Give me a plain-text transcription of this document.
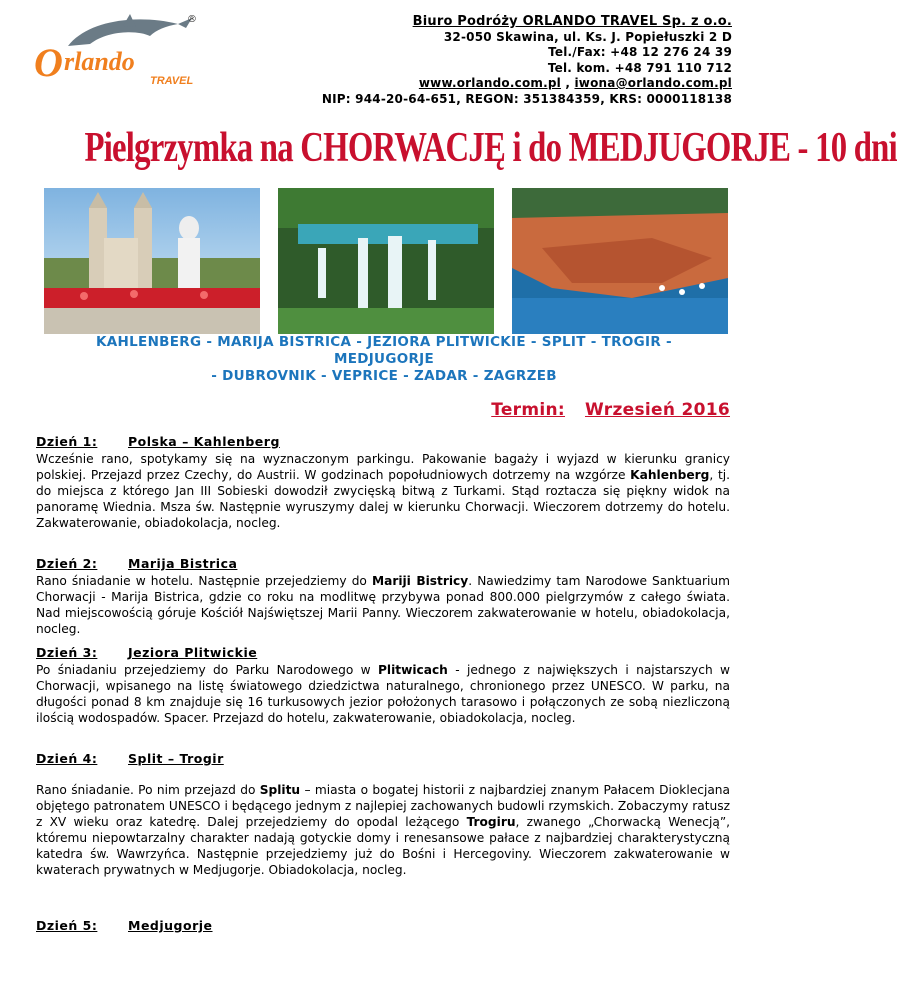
O rlando
TRAVEL
®	Biuro Podróży ORLANDO TRAVEL Sp. z o.o.
32-050 Skawina, ul. Ks. J. Popiełuszki 2 D
Tel./Fax: +48 12 276 24 39
Tel. kom. +48 791 110 712
www.orlando.com.pl , iwona@orlando.com.pl
NIP: 944-20-64-651, REGON: 351384359, KRS: 0000118138
Pielgrzymka na CHORWACJĘ i do MEDJUGORJE - 10 dni
KAHLENBERG - MARIJA BISTRICA - JEZIORA PLITWICKIE - SPLIT - TROGIR -
MEDJUGORJE
- DUBROVNIK - VEPRICE - ZADAR - ZAGRZEB
Termin: Wrzesień 2016
Dzień 1: Polska – Kahlenberg

Wcześnie rano, spotykamy się na wyznaczonym parkingu. Pakowanie bagaży i wyjazd w kierunku granicy polskiej. Przejazd przez Czechy, do Austrii. W godzinach popołudniowych dotrzemy na wzgórze Kahlenberg, tj. do miejsca z którego Jan III Sobieski dowodził zwycięską bitwą z Turkami. Stąd roztacza się piękny widok na panoramę Wiednia. Msza św. Następnie wyruszymy dalej w kierunku Chorwacji. Wieczorem dotrzemy do hotelu. Zakwaterowanie, obiadokolacja, nocleg.

Dzień 2: Marija Bistrica

Rano śniadanie w hotelu. Następnie przejedziemy do Mariji Bistricy. Nawiedzimy tam Narodowe Sanktuarium Chorwacji - Marija Bistrica, gdzie co roku na modlitwę przybywa ponad 800.000 pielgrzymów z całego świata. Nad miejscowością góruje Kościół Najświętszej Marii Panny. Wieczorem zakwaterowanie w hotelu, obiadokolacja, nocleg.

Dzień 3: Jeziora Plitwickie

Po śniadaniu przejedziemy do Parku Narodowego w Plitwicach - jednego z największych i najstarszych w Chorwacji, wpisanego na listę światowego dziedzictwa naturalnego, chronionego przez UNESCO. W parku, na długości ponad 8 km znajduje się 16 turkusowych jezior położonych tarasowo i połączonych ze sobą niezliczoną ilością wodospadów. Spacer. Przejazd do hotelu, zakwaterowanie, obiadokolacja, nocleg.

Dzień 4: Split – Trogir

Rano śniadanie. Po nim przejazd do Splitu – miasta o bogatej historii z najbardziej znanym Pałacem Dioklecjana objętego patronatem UNESCO i będącego jednym z najlepiej zachowanych budowli rzymskich. Zobaczymy ratusz z XV wieku oraz katedrę. Dalej przejedziemy do opodal leżącego Trogiru, zwanego „Chorwacką Wenecją”, któremu niepowtarzalny charakter nadają gotyckie domy i renesansowe pałace z najbardziej charakterystyczną katedra św. Wawrzyńca. Następnie przejedziemy już do Bośni i Hercegoviny. Wieczorem zakwaterowanie w kwaterach prywatnych w Medjugorje. Obiadokolacja, nocleg.

Dzień 5: Medjugorje
